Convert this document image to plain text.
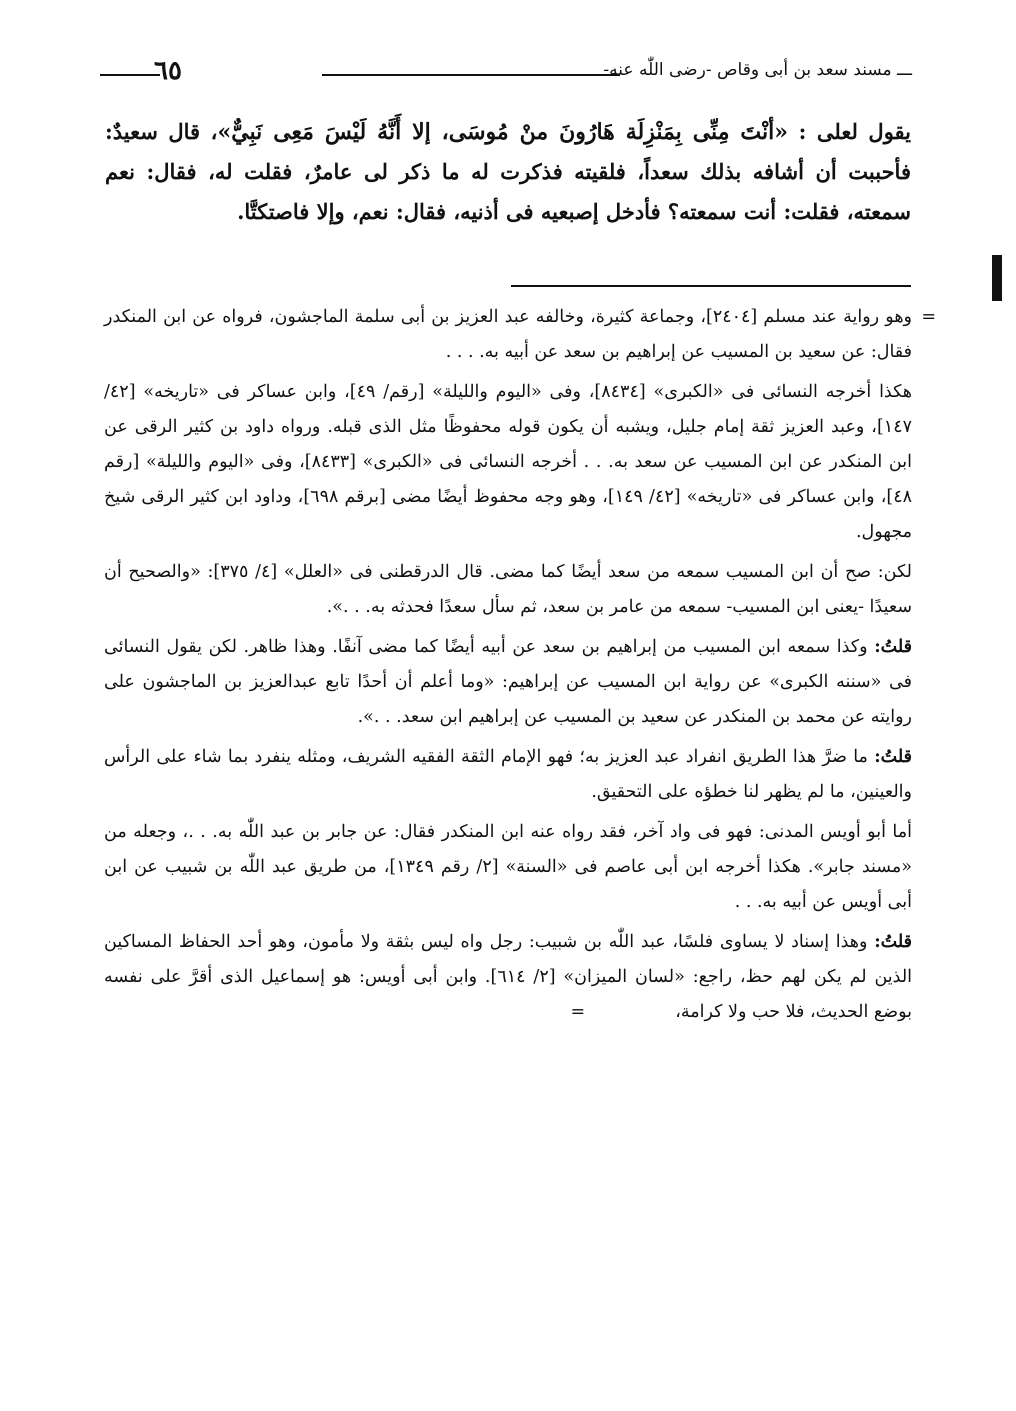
ـــ مسند سعد بن أبى وقاص -رضى اللّٰه عنه-
٦٥

يقول لعلى : «أنْتَ مِنِّى بِمَنْزِلَة هَارُونَ منْ مُوسَى، إلا أَنَّهُ لَيْسَ مَعِى نَبِيٌّ»، قال سعيدٌ: فأحببت أن أشافه بذلك سعداً، فلقيته فذكرت له ما ذكر لى عامرٌ، فقلت له، فقال: نعم سمعته، فقلت: أنت سمعته؟ فأدخل إصبعيه فى أذنيه، فقال: نعم، وإلا فاصتكتَّا.

=
وهو رواية عند مسلم [٢٤٠٤]، وجماعة كثيرة، وخالفه عبد العزيز بن أبى سلمة الماجشون، فرواه عن ابن المنكدر فقال: عن سعيد بن المسيب عن إبراهيم بن سعد عن أبيه به. . . .

هكذا أخرجه النسائى فى «الكبرى» [٨٤٣٤]، وفى «اليوم والليلة» [رقم/ ٤٩]، وابن عساكر فى «تاريخه» [٤٢/ ١٤٧]، وعبد العزيز ثقة إمام جليل، ويشبه أن يكون قوله محفوظًا مثل الذى قبله. ورواه داود بن كثير الرقى عن ابن المنكدر عن ابن المسيب عن سعد به. . . أخرجه النسائى فى «الكبرى» [٨٤٣٣]، وفى «اليوم والليلة» [رقم ٤٨]، وابن عساكر فى «تاريخه» [٤٢/ ١٤٩]، وهو وجه محفوظ أيضًا مضى [برقم ٦٩٨]، وداود ابن كثير الرقى شيخ مجهول.

لكن: صح أن ابن المسيب سمعه من سعد أيضًا كما مضى. قال الدرقطنى فى «العلل» [٤/ ٣٧٥]: «والصحيح أن سعيدًا -يعنى ابن المسيب- سمعه من عامر بن سعد، ثم سأل سعدًا فحدثه به. . .».

قلتُ: وكذا سمعه ابن المسيب من إبراهيم بن سعد عن أبيه أيضًا كما مضى آنفًا. وهذا ظاهر. لكن يقول النسائى فى «سننه الكبرى» عن رواية ابن المسيب عن إبراهيم: «وما أعلم أن أحدًا تابع عبدالعزيز بن الماجشون على روايته عن محمد بن المنكدر عن سعيد بن المسيب عن إبراهيم ابن سعد. . .».

قلتُ: ما ضرَّ هذا الطريق انفراد عبد العزيز به؛ فهو الإمام الثقة الفقيه الشريف، ومثله ينفرد بما شاء على الرأس والعينين، ما لم يظهر لنا خطؤه على التحقيق.

أما أبو أويس المدنى: فهو فى واد آخر، فقد رواه عنه ابن المنكدر فقال: عن جابر بن عبد اللّٰه به. . .، وجعله من «مسند جابر». هكذا أخرجه ابن أبى عاصم فى «السنة» [٢/ رقم ١٣٤٩]، من طريق عبد اللّٰه بن شبيب عن ابن أبى أويس عن أبيه به. . .

قلتُ: وهذا إسناد لا يساوى فلسًا، عبد اللّٰه بن شبيب: رجل واه ليس بثقة ولا مأمون، وهو أحد الحفاظ المساكين الذين لم يكن لهم حظ، راجع: «لسان الميزان» [٢/ ٦١٤]. وابن أبى أويس: هو إسماعيل الذى أقرَّ على نفسه بوضع الحديث، فلا حب ولا كرامة،=
